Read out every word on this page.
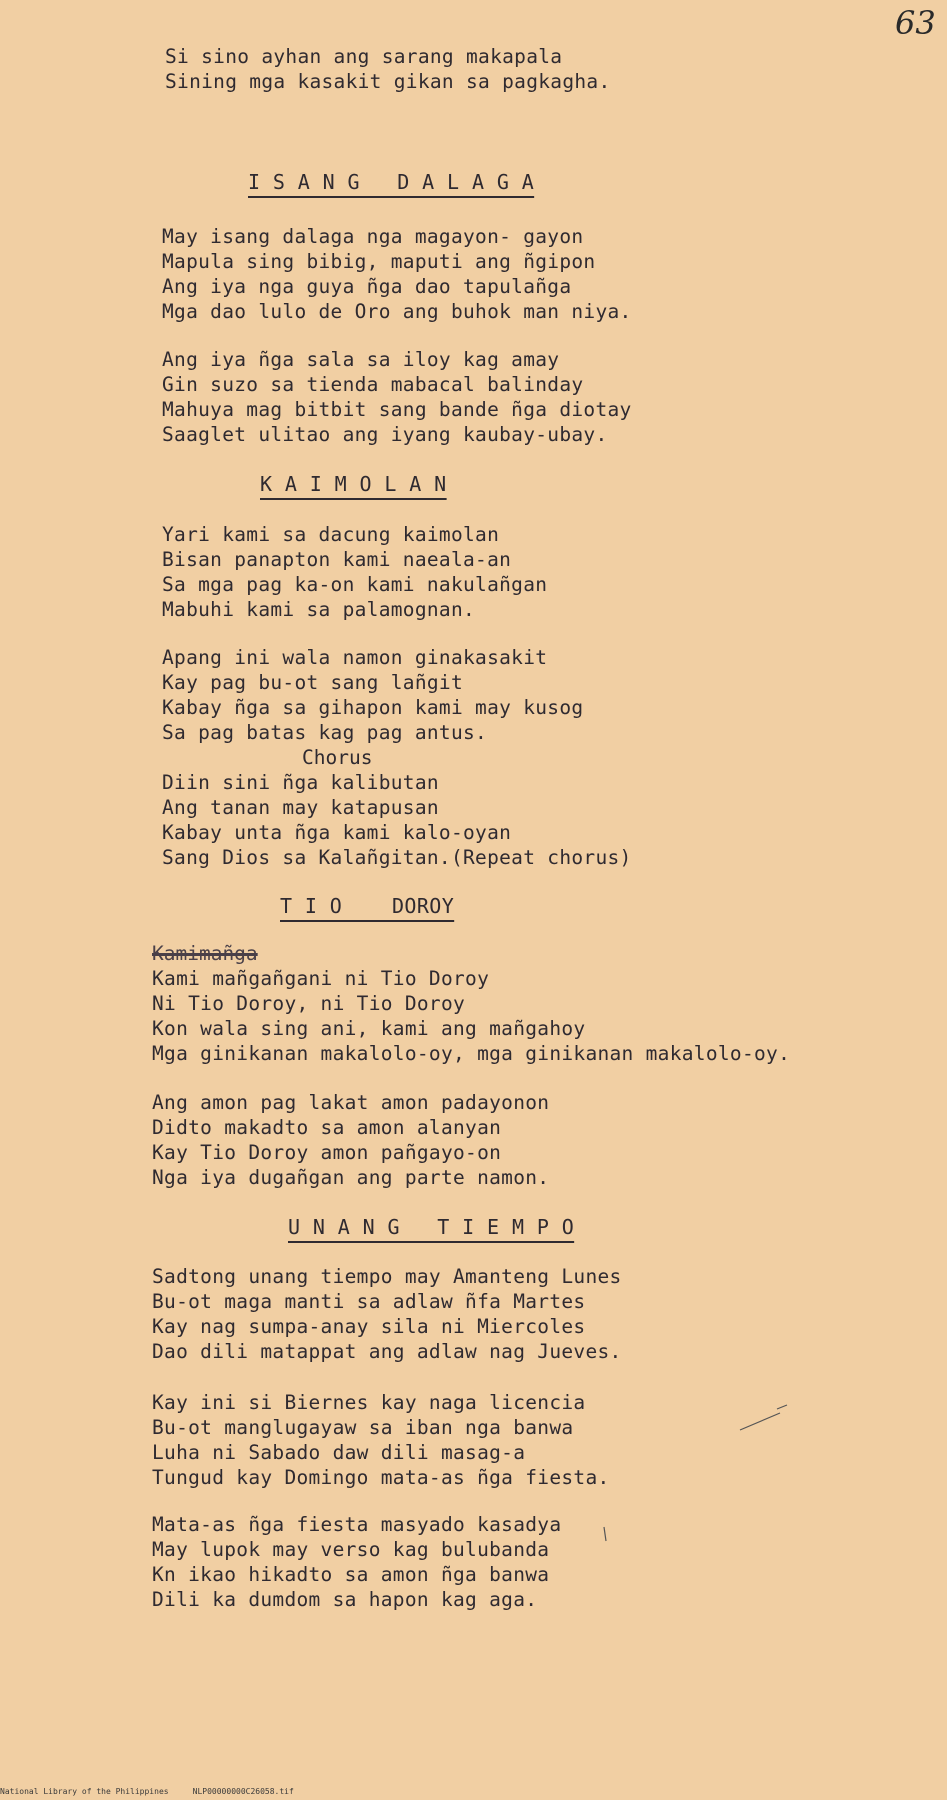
63
Si sino ayhan ang sarang makapala
Sining mga kasakit gikan sa pagkagha.
I S A N G   D A L A G A
May isang dalaga nga magayon- gayon
Mapula sing bibig, maputi ang ñgipon
Ang iya nga guya ñga dao tapulañga
Mga dao lulo de Oro ang buhok man niya.
Ang iya ñga sala sa iloy kag amay
Gin suzo sa tienda mabacal balinday
Mahuya mag bitbit sang bande ñga diotay
Saaglet ulitao ang iyang kaubay-ubay.
K A I M O L A N
Yari kami sa dacung kaimolan
Bisan panapton kami naeala-an
Sa mga pag ka-on kami nakulañgan
Mabuhi kami sa palamognan.
Apang ini wala namon ginakasakit
Kay pag bu-ot sang lañgit
Kabay ñga sa gihapon kami may kusog
Sa pag batas kag pag antus.
Chorus
Diin sini ñga kalibutan
Ang tanan may katapusan
Kabay unta ñga kami kalo-oyan
Sang Dios sa Kalañgitan.(Repeat chorus)
T I O    DOROY
Kamimañga
Kami mañgañgani ni Tio Doroy
Ni Tio Doroy, ni Tio Doroy
Kon wala sing ani, kami ang mañgahoy
Mga ginikanan makalolo-oy, mga ginikanan makalolo-oy.
Ang amon pag lakat amon padayonon
Didto makadto sa amon alanyan
Kay Tio Doroy amon pañgayo-on
Nga iya dugañgan ang parte namon.
U N A N G   T I E M P O
Sadtong unang tiempo may Amanteng Lunes
Bu-ot maga manti sa adlaw ñfa Martes
Kay nag sumpa-anay sila ni Miercoles
Dao dili matappat ang adlaw nag Jueves.
Kay ini si Biernes kay naga licencia
Bu-ot manglugayaw sa iban nga banwa
Luha ni Sabado daw dili masag-a
Tungud kay Domingo mata-as ñga fiesta.
Mata-as ñga fiesta masyado kasadya
May lupok may verso kag bulubanda
Kn ikao hikadto sa amon ñga banwa
Dili ka dumdom sa hapon kag aga.
National Library of the Philippines     NLP00000000C26058.tif
